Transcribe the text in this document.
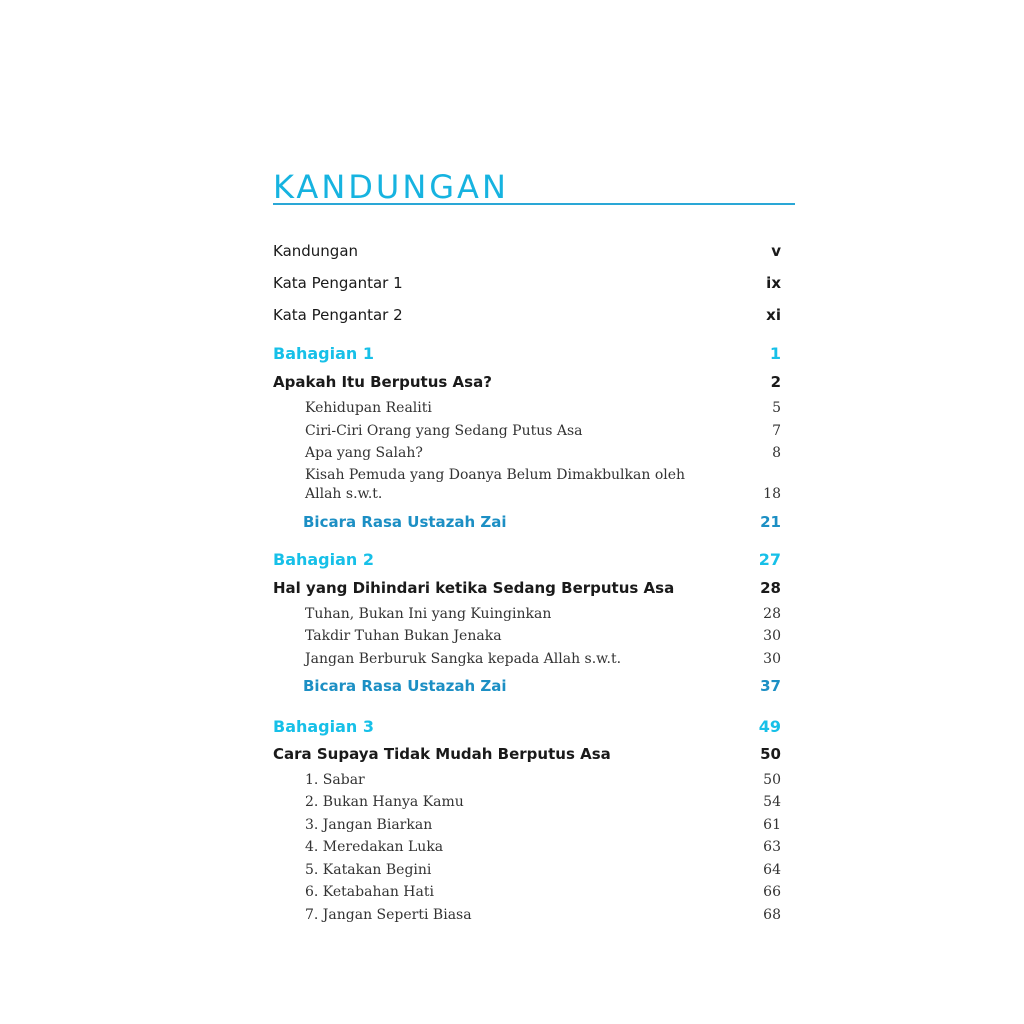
KANDUNGAN
Kandungan	v
Kata Pengantar 1	ix
Kata Pengantar 2	xi
Bahagian 1	1
Apakah Itu Berputus Asa?	2
Kehidupan Realiti	5
Ciri-Ciri Orang yang Sedang Putus Asa	7
Apa yang Salah?	8
Kisah Pemuda yang Doanya Belum Dimakbulkan oleh Allah s.w.t.	18
Bicara Rasa Ustazah Zai	21
Bahagian 2	27
Hal yang Dihindari ketika Sedang Berputus Asa	28
Tuhan, Bukan Ini yang Kuinginkan	28
Takdir Tuhan Bukan Jenaka	30
Jangan Berburuk Sangka kepada Allah s.w.t.	30
Bicara Rasa Ustazah Zai	37
Bahagian 3	49
Cara Supaya Tidak Mudah Berputus Asa	50
1. Sabar	50
2. Bukan Hanya Kamu	54
3. Jangan Biarkan	61
4. Meredakan Luka	63
5. Katakan Begini	64
6. Ketabahan Hati	66
7. Jangan Seperti Biasa	68
